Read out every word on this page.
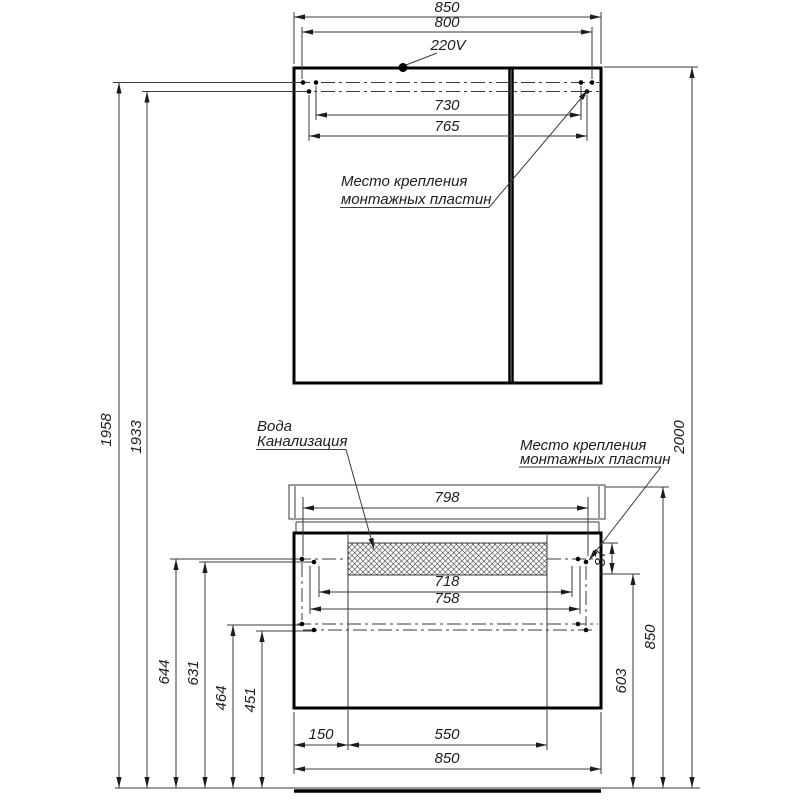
850
800
220V
730
765
Место крепления
монтажных пластин
1958 1933
644 631
464 451
798
718
758
Вода
Канализация	Место крепления
монтажных пластин
87
603
850
2000
150	550
850
